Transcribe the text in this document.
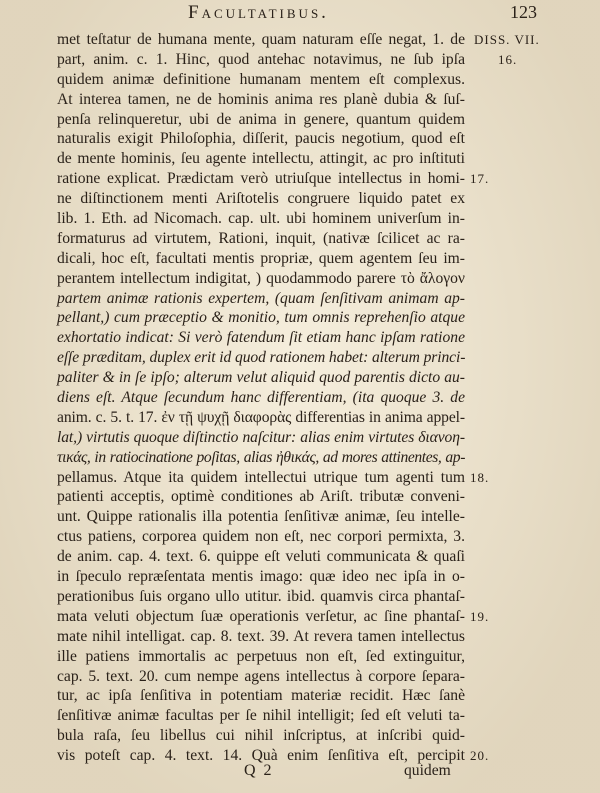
Facultatibus.	123
met teſtatur de humana mente, quam naturam eſſe negat, 1. de
part, anim. c. 1. Hinc, quod antehac notavimus, ne ſub ipſa
quidem animæ definitione humanam mentem eſt complexus.
At interea tamen, ne de hominis anima res planè dubia & ſuſ-
penſa relinqueretur, ubi de anima in genere, quantum quidem
naturalis exigit Philoſophia, diſſerit, paucis negotium, quod eſt
de mente hominis, ſeu agente intellectu, attingit, ac pro inſtituti
ratione explicat. Prædictam verò utriuſque intellectus in homi-
ne diſtinctionem menti Ariſtotelis congruere liquido patet ex
lib. 1. Eth. ad Nicomach. cap. ult. ubi hominem univerſum in-
formaturus ad virtutem, Rationi, inquit, (nativæ ſcilicet ac ra-
dicali, hoc eſt, facultati mentis propriæ, quem agentem ſeu im-
perantem intellectum indigitat, ) quodammodo parere τὸ ἄλογον
partem animæ rationis expertem, (quam ſenſitivam animam ap-
pellant,) cum præceptio & monitio, tum omnis reprehenſio atque
exhortatio indicat: Si verò fatendum ſit etiam hanc ipſam ratione
eſſe præditam, duplex erit id quod rationem habet: alterum princi-
paliter & in ſe ipſo; alterum velut aliquid quod parentis dicto au-
diens eſt. Atque ſecundum hanc differentiam, (ita quoque 3. de
anim. c. 5. t. 17. ἐν τῇ ψυχῇ διαφορὰς differentias in anima appel-
lat,) virtutis quoque diſtinctio naſcitur: alias enim virtutes διανοη-
τικάς, in ratiocinatione poſitas, alias ἠθικάς, ad mores attinentes, ap-
pellamus. Atque ita quidem intellectui utrique tum agenti tum
patienti acceptis, optimè conditiones ab Ariſt. tributæ conveni-
unt. Quippe rationalis illa potentia ſenſitivæ animæ, ſeu intelle-
ctus patiens, corporea quidem non eſt, nec corpori permixta, 3.
de anim. cap. 4. text. 6. quippe eſt veluti communicata & quaſi
in ſpeculo repræſentata mentis imago: quæ ideo nec ipſa in o-
perationibus ſuis organo ullo utitur. ibid. quamvis circa phantaſ-
mata veluti objectum ſuæ operationis verſetur, ac ſine phantaſ-
mate nihil intelligat. cap. 8. text. 39. At revera tamen intellectus
ille patiens immortalis ac perpetuus non eſt, ſed extinguitur,
cap. 5. text. 20. cum nempe agens intellectus à corpore ſepara-
tur, ac ipſa ſenſitiva in potentiam materiæ recidit. Hæc ſanè
ſenſitivæ animæ facultas per ſe nihil intelligit; ſed eſt veluti ta-
bula raſa, ſeu libellus cui nihil inſcriptus, at inſcribi quid-
vis poteſt cap. 4. text. 14. Quà enim ſenſitiva eſt, percipit
DISS. VII.
16.
17.
18.
19.
20.
Q 2	quidem
